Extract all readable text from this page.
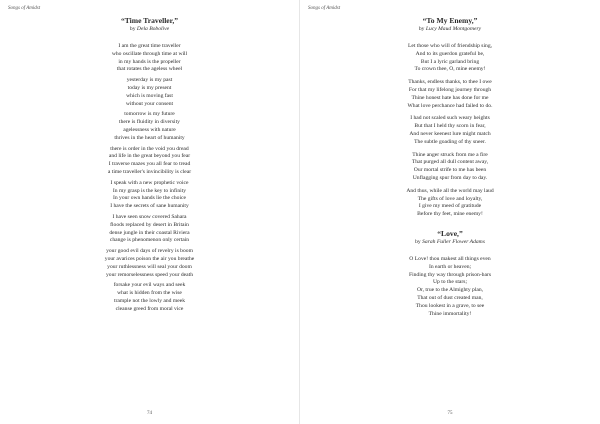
Songs of Amidst

“Time Traveller,”

by Dela Bobolive

I am the great time traveller
who oscillate through time at will
in my hands is the propeller
that rotates the ageless wheel
yesterday is my past
today is my present
which is moving fast
without your consent
tomorrow is my future
there is fluidity in diversity
agelessness with nature
thrives in the heart of humanity
there is order in the void you dread
and life in the great beyond you fear
I traverse mazes you all fear to tread
a time traveller's invincibility is clear
I speak with a new prophetic voice
In my grasp is the key to infinity
In your own hands lie the choice
I have the secrets of sane humanity
I have seen snow covered Sahara
floods replaced by desert in Britain
dense jungle in their coastal Riviera
change is phenomenon only certain
your good evil days of revelry is boom
your avarices poison the air you breathe
your ruthlessness will seal your doom
your remorselessness speed your death
forsake your evil ways and seek
what is hidden from the wise
trample not the lowly and meek
cleanse greed from moral vice
74
Songs of Amidst

“To My Enemy,”

by Lucy Maud Montgomery

Let those who will of friendship sing,
And to its guerdon grateful be,
But I a lyric garland bring
To crown thee, O, mine enemy!
Thanks, endless thanks, to thee I owe
For that my lifelong journey through
Thine honest hate has done for me
What love perchance had failed to do.
I had not scaled such weary heights
But that I held thy scorn in fear,
And never keenest lure might match
The subtle goading of thy sneer.
Thine anger struck from me a fire
That purged all dull content away,
Our mortal strife to me has been
Unflagging spur from day to day.
And thus, while all the world may laud
The gifts of love and loyalty,
I give my meed of gratitude
Before thy feet, mine enemy!

“Love,”

by Sarah Fuller Flower Adams

O Love! thou makest all things even
In earth or heaven;
Finding thy way through prison-bars
Up to the stars;
Or, true to the Almighty plan,
That out of dust created man,
Thou lookest in a grave, to see
Thine immortality!
75
